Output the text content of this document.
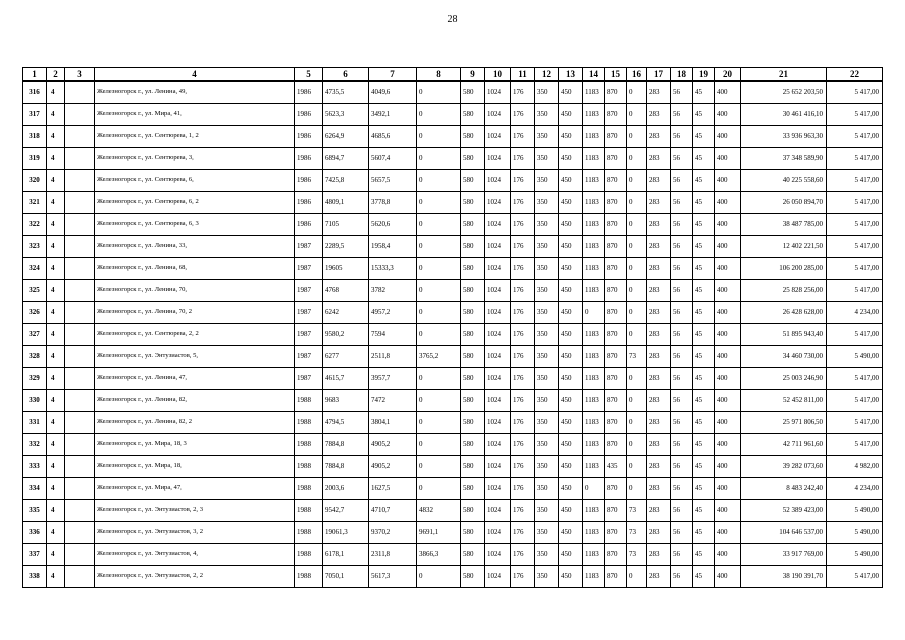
28
1	2	3	4	5	6	7	8	9	10	11	12	13	14	15	16	17	18	19	20	21	22
316	4		Железногорск г., ул. Ленина, 49,	1986	4735,5	4049,6	0	580	1024	176	350	450	1183	870	0	283	56	45	400	25 652 203,50	5 417,00
317	4		Железногорск г., ул. Мира, 41,	1986	5623,3	3492,1	0	580	1024	176	350	450	1183	870	0	283	56	45	400	30 461 416,10	5 417,00
318	4		Железногорск г., ул. Сентюрева, 1, 2	1986	6264,9	4685,6	0	580	1024	176	350	450	1183	870	0	283	56	45	400	33 936 963,30	5 417,00
319	4		Железногорск г., ул. Сентюрева, 3,	1986	6894,7	5607,4	0	580	1024	176	350	450	1183	870	0	283	56	45	400	37 348 589,90	5 417,00
320	4		Железногорск г., ул. Сентюрева, 6,	1986	7425,8	5657,5	0	580	1024	176	350	450	1183	870	0	283	56	45	400	40 225 558,60	5 417,00
321	4		Железногорск г., ул. Сентюрева, 6, 2	1986	4809,1	3778,8	0	580	1024	176	350	450	1183	870	0	283	56	45	400	26 050 894,70	5 417,00
322	4		Железногорск г., ул. Сентюрева, 6, 3	1986	7105	5620,6	0	580	1024	176	350	450	1183	870	0	283	56	45	400	38 487 785,00	5 417,00
323	4		Железногорск г., ул. Ленина, 33,	1987	2289,5	1958,4	0	580	1024	176	350	450	1183	870	0	283	56	45	400	12 402 221,50	5 417,00
324	4		Железногорск г., ул. Ленина, 68,	1987	19605	15333,3	0	580	1024	176	350	450	1183	870	0	283	56	45	400	106 200 285,00	5 417,00
325	4		Железногорск г., ул. Ленина, 70,	1987	4768	3782	0	580	1024	176	350	450	1183	870	0	283	56	45	400	25 828 256,00	5 417,00
326	4		Железногорск г., ул. Ленина, 70, 2	1987	6242	4957,2	0	580	1024	176	350	450	0	870	0	283	56	45	400	26 428 628,00	4 234,00
327	4		Железногорск г., ул. Сентюрева, 2, 2	1987	9580,2	7594	0	580	1024	176	350	450	1183	870	0	283	56	45	400	51 895 943,40	5 417,00
328	4		Железногорск г., ул. Энтузиастов, 5,	1987	6277	2511,8	3765,2	580	1024	176	350	450	1183	870	73	283	56	45	400	34 460 730,00	5 490,00
329	4		Железногорск г., ул. Ленина, 47,	1987	4615,7	3957,7	0	580	1024	176	350	450	1183	870	0	283	56	45	400	25 003 246,90	5 417,00
330	4		Железногорск г., ул. Ленина, 82,	1988	9683	7472	0	580	1024	176	350	450	1183	870	0	283	56	45	400	52 452 811,00	5 417,00
331	4		Железногорск г., ул. Ленина, 82, 2	1988	4794,5	3804,1	0	580	1024	176	350	450	1183	870	0	283	56	45	400	25 971 806,50	5 417,00
332	4		Железногорск г., ул. Мира, 18, 3	1988	7884,8	4905,2	0	580	1024	176	350	450	1183	870	0	283	56	45	400	42 711 961,60	5 417,00
333	4		Железногорск г., ул. Мира, 18,	1988	7884,8	4905,2	0	580	1024	176	350	450	1183	435	0	283	56	45	400	39 282 073,60	4 982,00
334	4		Железногорск г., ул. Мира, 47,	1988	2003,6	1627,5	0	580	1024	176	350	450	0	870	0	283	56	45	400	8 483 242,40	4 234,00
335	4		Железногорск г., ул. Энтузиастов, 2, 3	1988	9542,7	4710,7	4832	580	1024	176	350	450	1183	870	73	283	56	45	400	52 389 423,00	5 490,00
336	4		Железногорск г., ул. Энтузиастов, 3, 2	1988	19061,3	9370,2	9691,1	580	1024	176	350	450	1183	870	73	283	56	45	400	104 646 537,00	5 490,00
337	4		Железногорск г., ул. Энтузиастов, 4,	1988	6178,1	2311,8	3866,3	580	1024	176	350	450	1183	870	73	283	56	45	400	33 917 769,00	5 490,00
338	4		Железногорск г., ул. Энтузиастов, 2, 2	1988	7050,1	5617,3	0	580	1024	176	350	450	1183	870	0	283	56	45	400	38 190 391,70	5 417,00
